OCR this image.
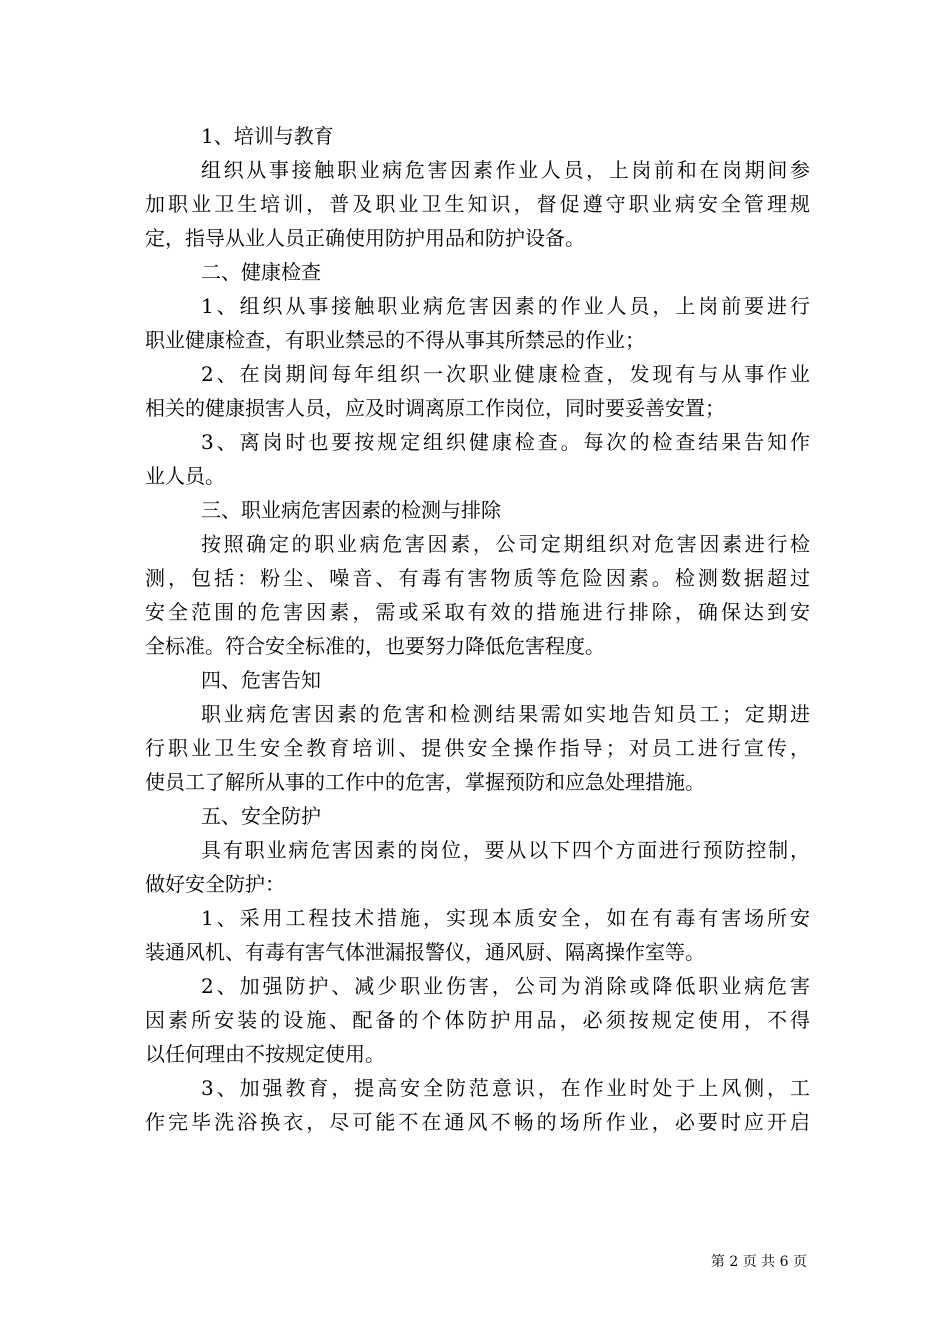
1、培训与教育
组织从事接触职业病危害因素作业人员，上岗前和在岗期间参
加职业卫生培训，普及职业卫生知识，督促遵守职业病安全管理规
定，指导从业人员正确使用防护用品和防护设备。
二、健康检查
1、组织从事接触职业病危害因素的作业人员，上岗前要进行
职业健康检查，有职业禁忌的不得从事其所禁忌的作业；
2、在岗期间每年组织一次职业健康检查，发现有与从事作业
相关的健康损害人员，应及时调离原工作岗位，同时要妥善安置；
3、离岗时也要按规定组织健康检查。每次的检查结果告知作
业人员。
三、职业病危害因素的检测与排除
按照确定的职业病危害因素，公司定期组织对危害因素进行检
测，包括：粉尘、噪音、有毒有害物质等危险因素。检测数据超过
安全范围的危害因素，需或采取有效的措施进行排除，确保达到安
全标准。符合安全标准的，也要努力降低危害程度。
四、危害告知
职业病危害因素的危害和检测结果需如实地告知员工；定期进
行职业卫生安全教育培训、提供安全操作指导；对员工进行宣传，
使员工了解所从事的工作中的危害，掌握预防和应急处理措施。
五、安全防护
具有职业病危害因素的岗位，要从以下四个方面进行预防控制，
做好安全防护：
1、采用工程技术措施，实现本质安全，如在有毒有害场所安
装通风机、有毒有害气体泄漏报警仪，通风厨、隔离操作室等。
2、加强防护、减少职业伤害，公司为消除或降低职业病危害
因素所安装的设施、配备的个体防护用品，必须按规定使用，不得
以任何理由不按规定使用。
3、加强教育，提高安全防范意识，在作业时处于上风侧，工
作完毕洗浴换衣，尽可能不在通风不畅的场所作业，必要时应开启
第 2 页 共 6 页
